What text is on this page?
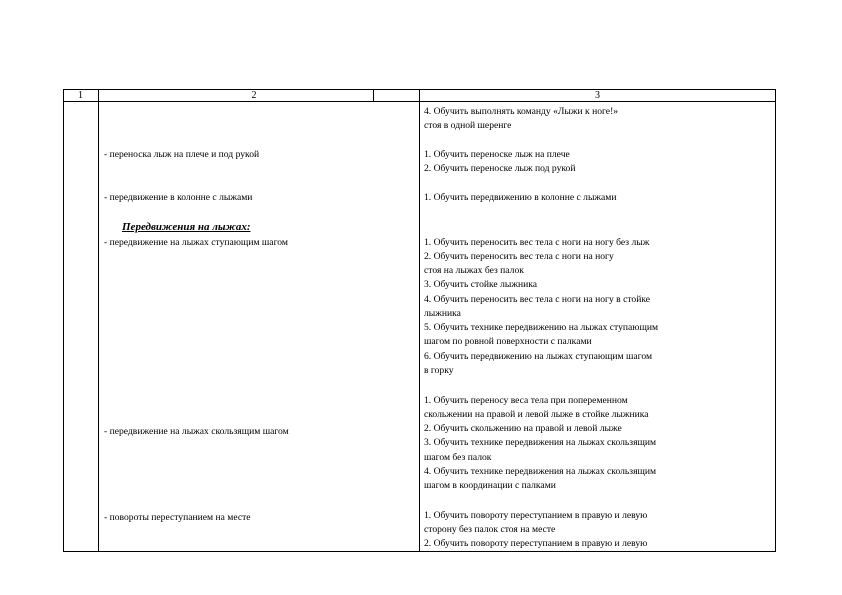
1	2	3
- переноска лыж на плече и под рукой
- передвижение в колонне с лыжами
Передвижения на лыжах:
- передвижение на лыжах ступающим шагом
- передвижение на лыжах скользящим шагом
- повороты переступанием на месте
4. Обучить выполнять команду «Лыжи к ноге!»
стоя в одной шеренге
1. Обучить переноске лыж на плече
2. Обучить переноске лыж под рукой
1. Обучить передвижению в колонне с лыжами
1. Обучить переносить вес тела с ноги на ногу без лыж
2. Обучить переносить вес тела с ноги на ногу
стоя на лыжах без палок
3. Обучить стойке лыжника
4. Обучить переносить вес тела с ноги на ногу в стойке
лыжника
5. Обучить технике передвижению на лыжах ступающим
шагом по ровной поверхности с палками
6. Обучить передвижению на лыжах ступающим шагом
в горку
1. Обучить переносу веса тела при попеременном
скольжении на правой и левой лыже в стойке лыжника
2. Обучить скольжению на правой и левой лыже
3. Обучить технике передвижения на лыжах скользящим
шагом без палок
4. Обучить технике передвижения на лыжах скользящим
шагом в координации с палками
1. Обучить повороту переступанием в правую и левую
сторону без палок стоя на месте
2. Обучить повороту переступанием в правую и левую
